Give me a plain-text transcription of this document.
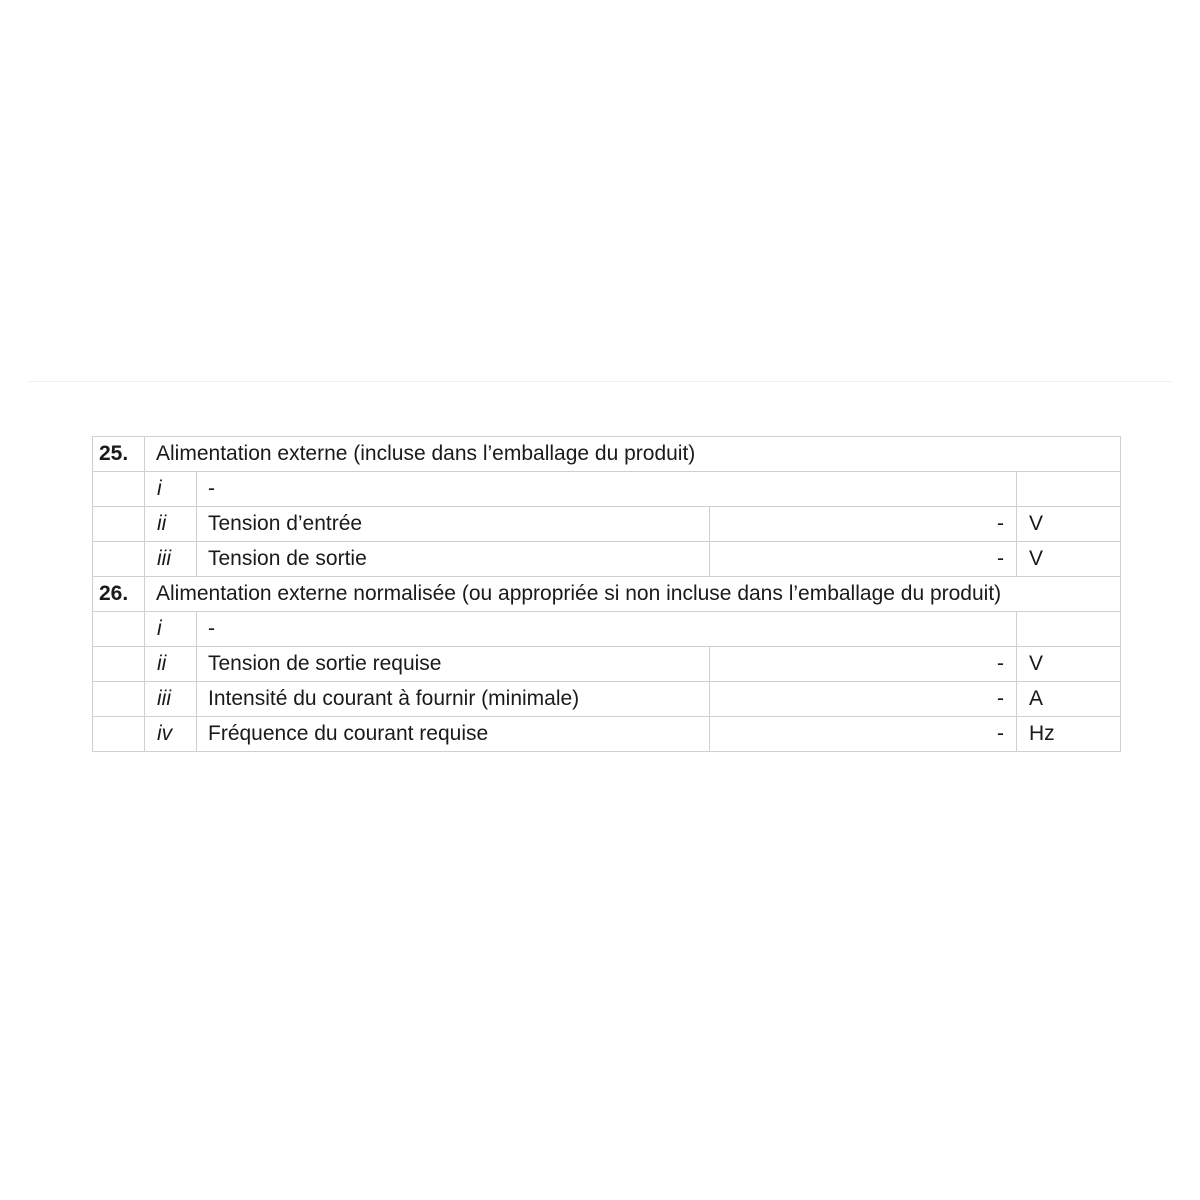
25.	Alimentation externe (incluse dans l’emballage du produit)			
	i	-		
	ii	Tension d’entrée	-	V
	iii	Tension de sortie	-	V
26.	Alimentation externe normalisée (ou appropriée si non incluse dans l’emballage du produit)			
	i	-		
	ii	Tension de sortie requise	-	V
	iii	Intensité du courant à fournir (minimale)	-	A
	iv	Fréquence du courant requise	-	Hz
